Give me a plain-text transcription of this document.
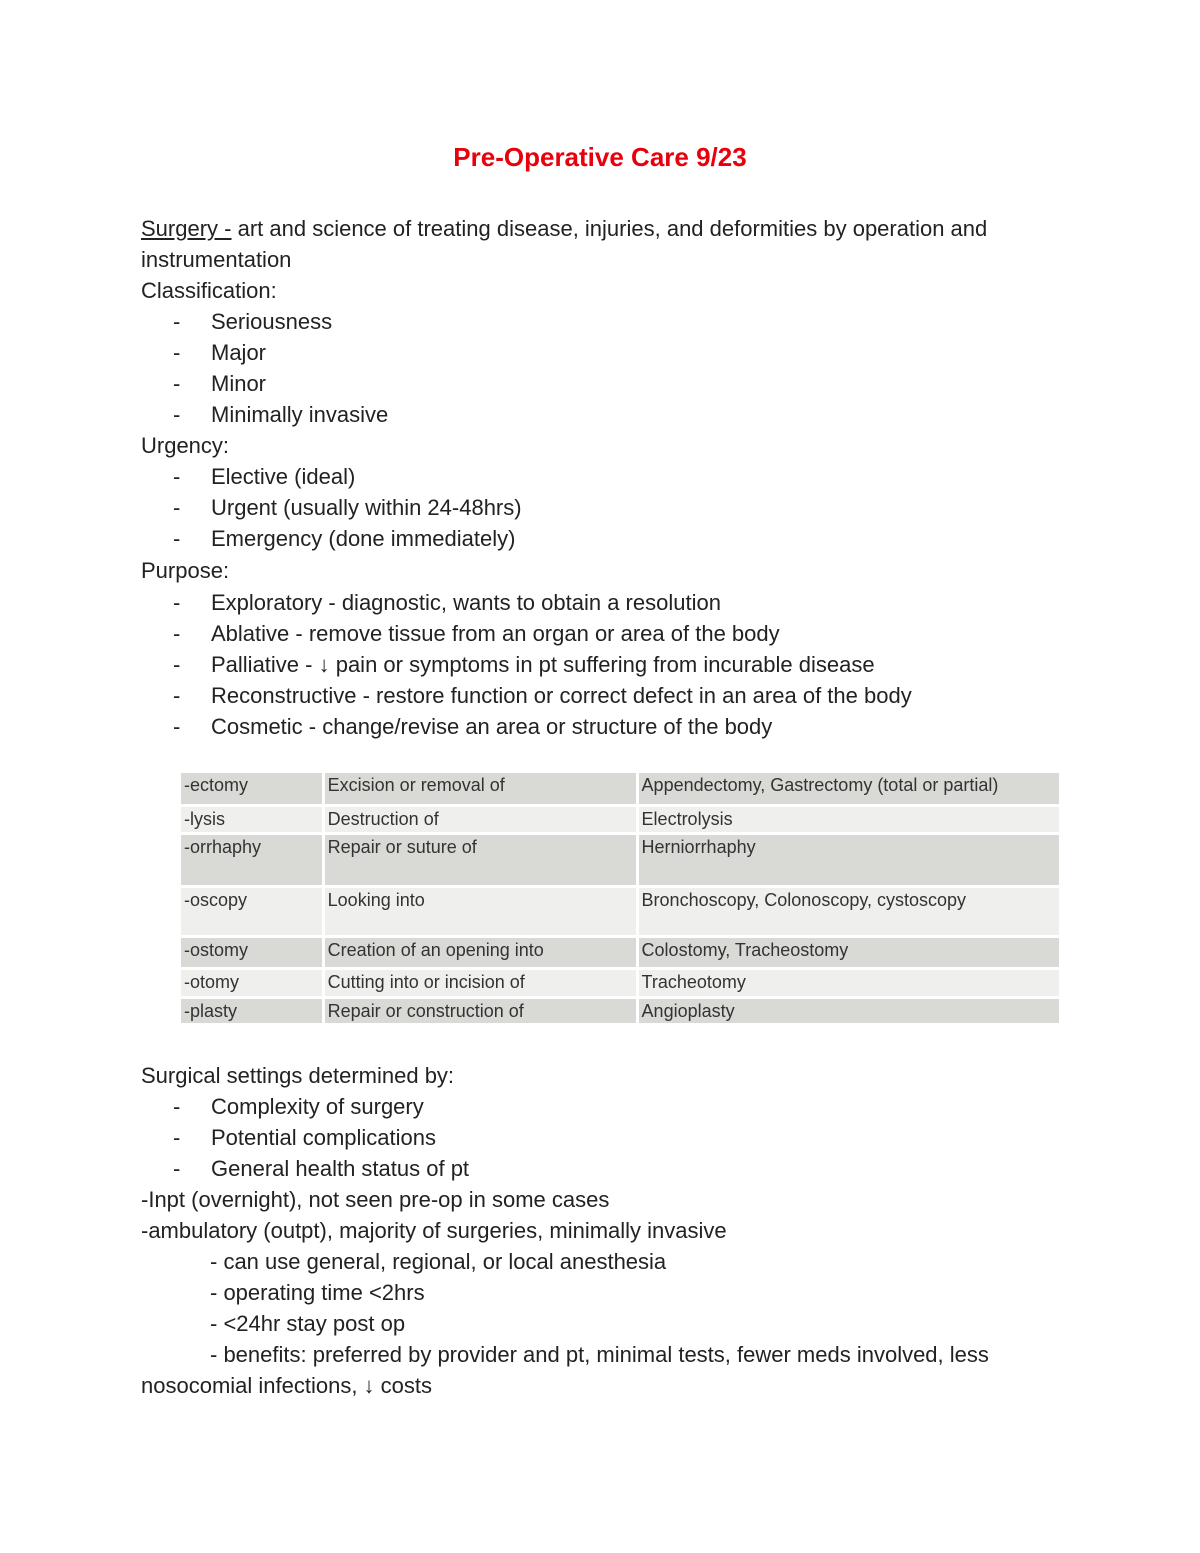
Pre-Operative Care 9/23
Surgery - art and science of treating disease, injuries, and deformities by operation and instrumentation
Classification:
- Seriousness
- Major
- Minor
- Minimally invasive
Urgency:
- Elective (ideal)
- Urgent (usually within 24-48hrs)
- Emergency (done immediately)
Purpose:
- Exploratory - diagnostic, wants to obtain a resolution
- Ablative - remove tissue from an organ or area of the body
- Palliative - ↓ pain or symptoms in pt suffering from incurable disease
- Reconstructive - restore function or correct defect in an area of the body
- Cosmetic - change/revise an area or structure of the body
-ectomy	Excision or removal of	Appendectomy, Gastrectomy (total or partial)
-lysis	Destruction of	Electrolysis
-orrhaphy	Repair or suture of	Herniorrhaphy
-oscopy	Looking into	Bronchoscopy, Colonoscopy, cystoscopy
-ostomy	Creation of an opening into	Colostomy, Tracheostomy
-otomy	Cutting into or incision of	Tracheotomy
-plasty	Repair or construction of	Angioplasty
Surgical settings determined by:
- Complexity of surgery
- Potential complications
- General health status of pt
-Inpt (overnight), not seen pre-op in some cases
-ambulatory (outpt), majority of surgeries, minimally invasive
- can use general, regional, or local anesthesia
- operating time <2hrs
- <24hr stay post op
- benefits: preferred by provider and pt, minimal tests, fewer meds involved, less
nosocomial infections, ↓ costs
